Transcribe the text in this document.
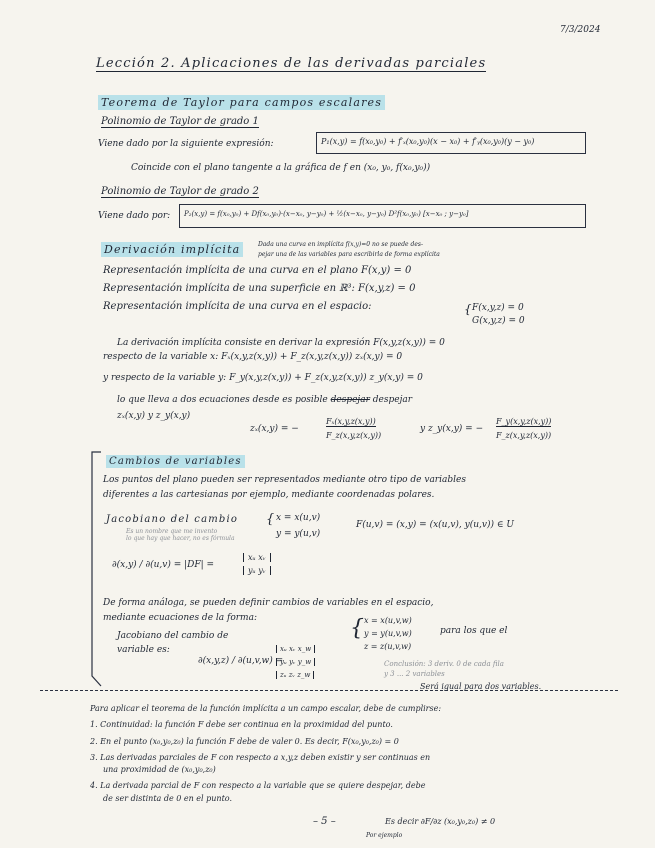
7/3/2024
Lección 2. Aplicaciones de las derivadas parciales
Teorema de Taylor para campos escalares
Polinomio de Taylor de grado 1
Viene dado por la siguiente expresión:	P₁(x,y) = f(x₀,y₀) + f′ₓ(x₀,y₀)(x − x₀) + f′ᵧ(x₀,y₀)(y − y₀)
Coincide con el plano tangente a la gráfica de f en (x₀, y₀, f(x₀,y₀))
Polinomio de Taylor de grado 2
Viene dado por: P₂(x,y) = f(x₀,y₀) + Df(x₀,y₀)·(x−x₀, y−y₀) + ½(x−x₀, y−y₀) D²f(x₀,y₀) [x−x₀ ; y−y₀]
Derivación implícita	Dada una curva en implícita f(x,y)=0 no se puede des-
pejar una de las variables para escribirla de forma explícita
Representación implícita de una curva en el plano F(x,y) = 0
Representación implícita de una superficie en ℝ³: F(x,y,z) = 0
Representación implícita de una curva en el espacio:	{ F(x,y,z) = 0
G(x,y,z) = 0
La derivación implícita consiste en derivar la expresión F(x,y,z(x,y)) = 0
respecto de la variable x: Fₓ(x,y,z(x,y)) + F_z(x,y,z(x,y)) zₓ(x,y) = 0
y respecto de la variable y: F_y(x,y,z(x,y)) + F_z(x,y,z(x,y)) z_y(x,y) = 0
lo que lleva a dos ecuaciones desde es posible despejar despejar
zₓ(x,y) y z_y(x,y)
zₓ(x,y) = −
Fₓ(x,y,z(x,y))
F_z(x,y,z(x,y))
y z_y(x,y) = −
F_y(x,y,z(x,y))
F_z(x,y,z(x,y))
Cambios de variables
Los puntos del plano pueden ser representados mediante otro tipo de variables
diferentes a las cartesianas por ejemplo, mediante coordenadas polares.
Jacobiano del cambio
Es un nombre que me invento
lo que hay que hacer, no es fórmula
{ x = x(u,v)
y = y(u,v)
F(u,v) = (x,y) = (x(u,v), y(u,v)) ∈ U
∂(x,y) / ∂(u,v) = |DF| =
xᵤ xᵥ
yᵤ yᵥ
De forma análoga, se pueden definir cambios de variables en el espacio,
mediante ecuaciones de la forma:	{ x = x(u,v,w)
y = y(u,v,w)
z = z(u,v,w)
para los que el
Jacobiano del cambio de
variable es:
∂(x,y,z) / ∂(u,v,w) =
xᵤ xᵥ x_w
yᵤ yᵥ y_w
zᵤ zᵥ z_w
Conclusión: 3 deriv. 0 de cada fila
y 3 ... 2 variables
Será igual para dos variables.
Para aplicar el teorema de la función implícita a un campo escalar, debe de cumplirse:
1. Continuidad: la función F debe ser continua en la proximidad del punto.
2. En el punto (x₀,y₀,z₀) la función F debe de valer 0. Es decir, F(x₀,y₀,z₀) = 0
3. Las derivadas parciales de F con respecto a x,y,z deben existir y ser continuas en
una proximidad de (x₀,y₀,z₀)
4. La derivada parcial de F con respecto a la variable que se quiere despejar, debe
de ser distinta de 0 en el punto.
– 5 –	Es decir ∂F/∂z (x₀,y₀,z₀) ≠ 0
Por ejemplo
